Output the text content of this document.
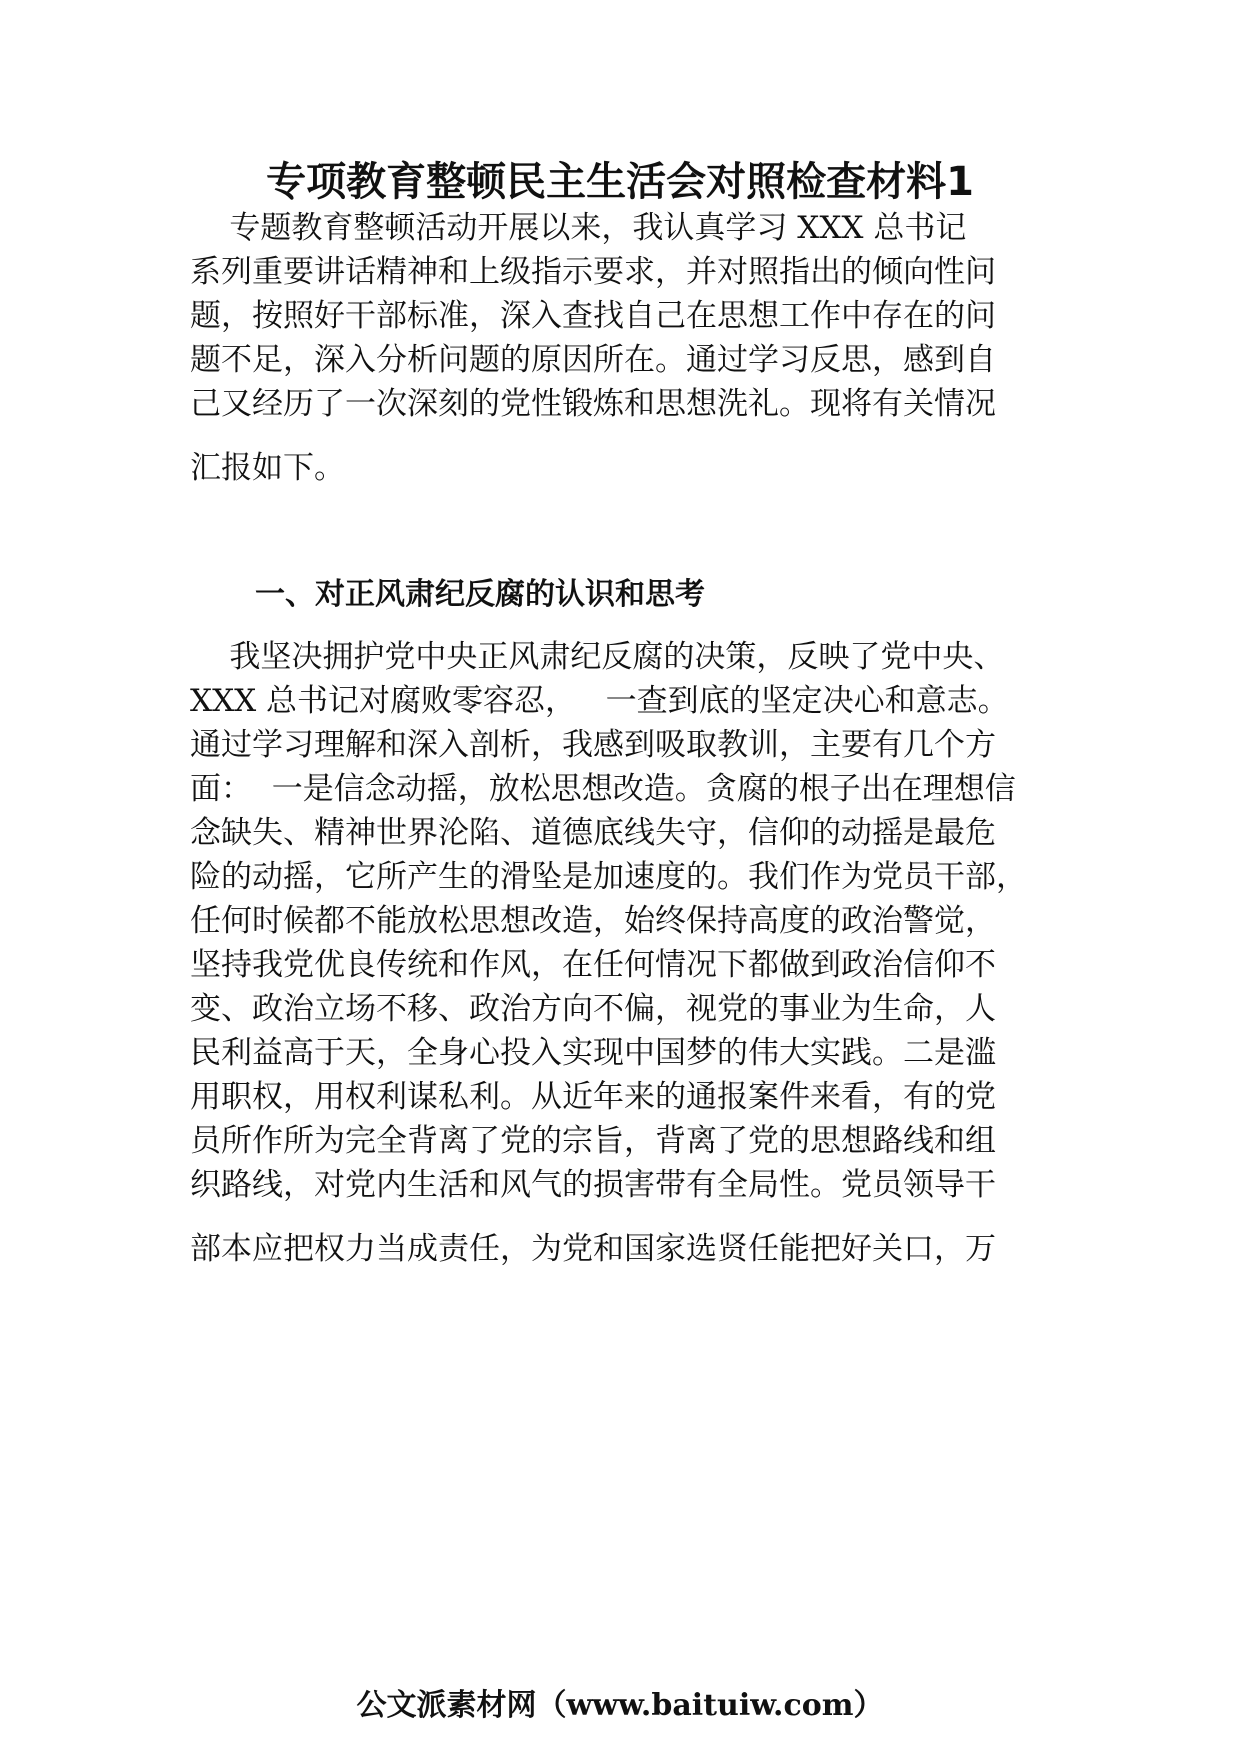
专项教育整顿民主生活会对照检查材料1

专题教育整顿活动开展以来，我认真学习 XXX 总书记

系列重要讲话精神和上级指示要求，并对照指出的倾向性问

题，按照好干部标准，深入查找自己在思想工作中存在的问

题不足，深入分析问题的原因所在。通过学习反思，感到自

己又经历了一次深刻的党性锻炼和思想洗礼。现将有关情况

汇报如下。

一、对正风肃纪反腐的认识和思考

我坚决拥护党中央正风肃纪反腐的决策，反映了党中央、

XXX 总书记对腐败零容忍，   一查到底的坚定决心和意志。

通过学习理解和深入剖析，我感到吸取教训，主要有几个方

面：  一是信念动摇，放松思想改造。贪腐的根子出在理想信

念缺失、精神世界沦陷、道德底线失守，信仰的动摇是最危

险的动摇，它所产生的滑坠是加速度的。我们作为党员干部，

任何时候都不能放松思想改造，始终保持高度的政治警觉，

坚持我党优良传统和作风，在任何情况下都做到政治信仰不

变、政治立场不移、政治方向不偏，视党的事业为生命，人

民利益高于天，全身心投入实现中国梦的伟大实践。二是滥

用职权，用权利谋私利。从近年来的通报案件来看，有的党

员所作所为完全背离了党的宗旨，背离了党的思想路线和组

织路线，对党内生活和风气的损害带有全局性。党员领导干

部本应把权力当成责任，为党和国家选贤任能把好关口，万

公文派素材网（www.baituiw.com）
